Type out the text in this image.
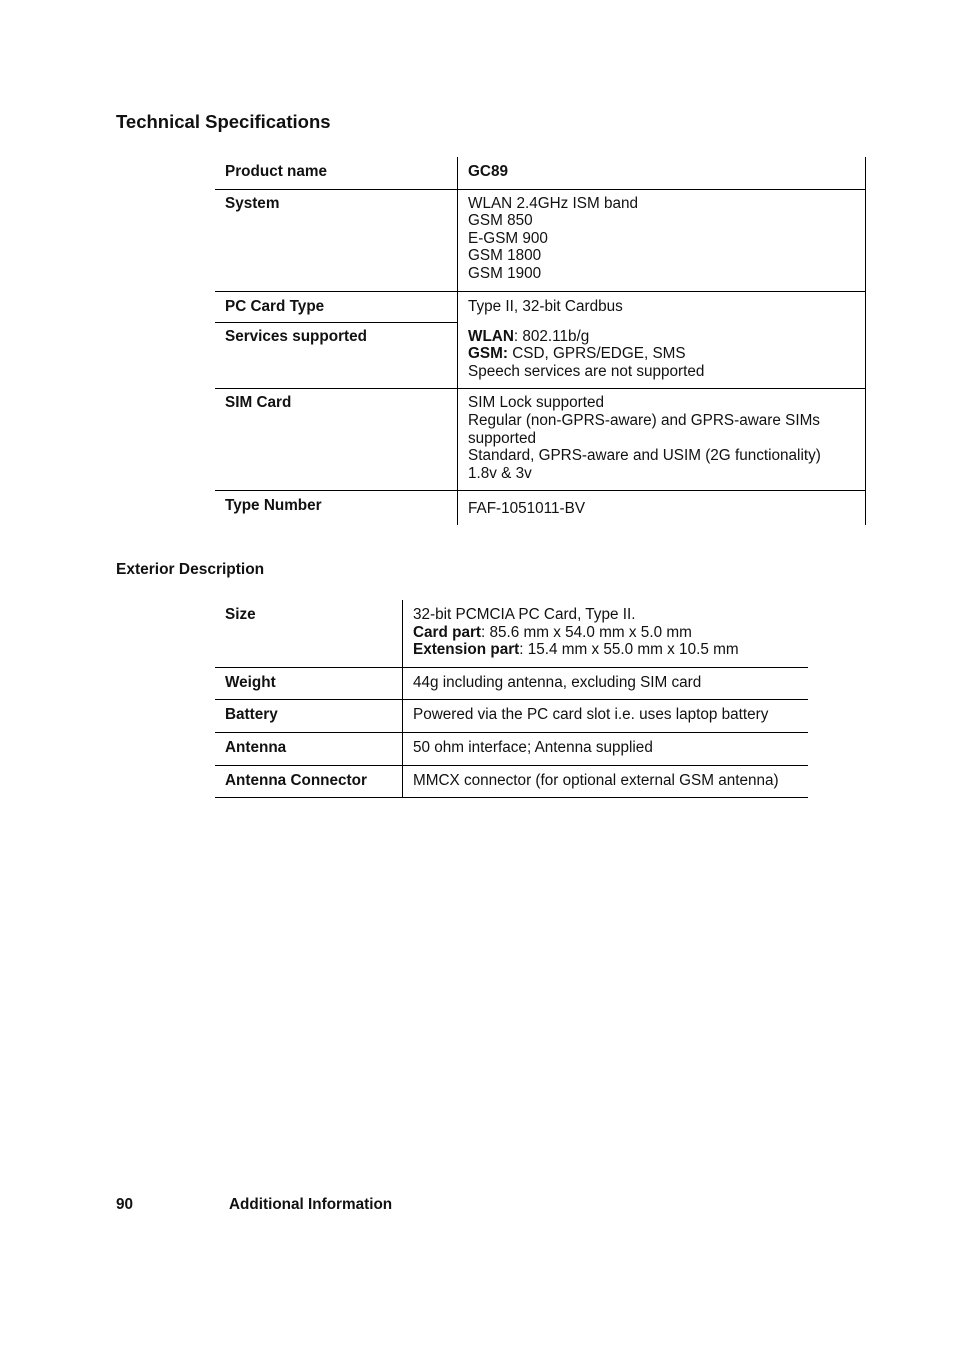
Technical Specifications
Product name	GC89
System	WLAN 2.4GHz ISM band
GSM 850
E-GSM 900
GSM 1800
GSM 1900

PC Card Type	Type II, 32-bit Cardbus
Services supported	WLAN: 802.11b/g
GSM: CSD, GPRS/EDGE, SMS
Speech services are not supported

SIM Card	SIM Lock supported
Regular (non-GPRS-aware) and GPRS-aware SIMs supported
Standard, GPRS-aware and USIM (2G functionality)
1.8v & 3v

Type Number	FAF-1051011-BV
Exterior Description
Size	32-bit PCMCIA PC Card, Type II.
Card part: 85.6 mm x 54.0 mm x 5.0 mm
Extension part: 15.4 mm x 55.0 mm x 10.5 mm

Weight	44g including antenna, excluding SIM card
Battery	Powered via the PC card slot i.e. uses laptop battery
Antenna	50 ohm interface; Antenna supplied
Antenna Connector	MMCX connector (for optional external GSM antenna)
90	Additional Information
